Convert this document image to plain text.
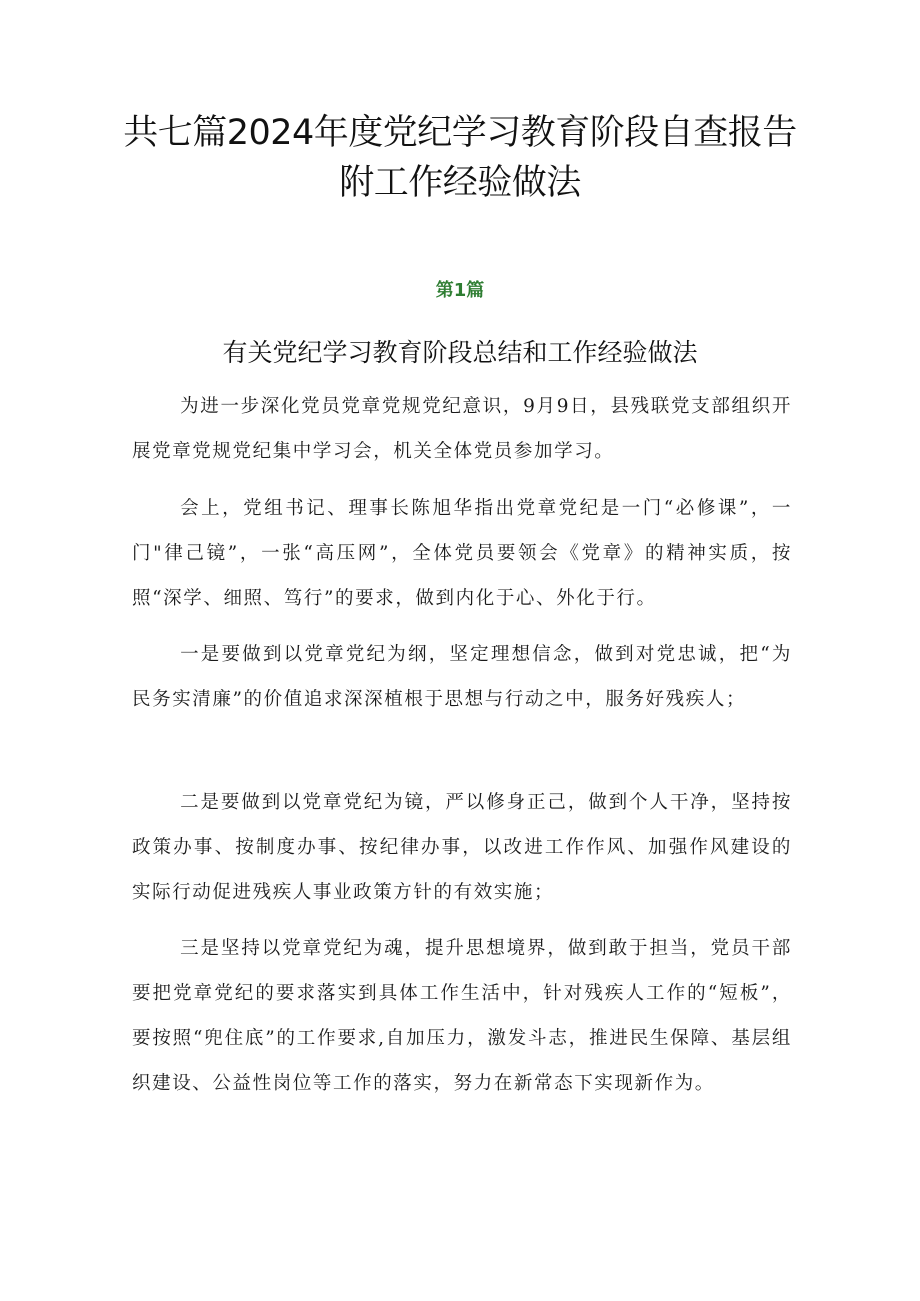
共七篇2024年度党纪学习教育阶段自查报告附工作经验做法
第1篇
有关党纪学习教育阶段总结和工作经验做法

为进一步深化党员党章党规党纪意识，9月9日，县残联党支部组织开展党章党规党纪集中学习会，机关全体党员参加学习。

会上，党组书记、理事长陈旭华指出党章党纪是一门“必修课”，一门"律己镜”，一张“高压网”，全体党员要领会《党章》的精神实质，按照“深学、细照、笃行”的要求，做到内化于心、外化于行。

一是要做到以党章党纪为纲，坚定理想信念，做到对党忠诚，把“为民务实清廉”的价值追求深深植根于思想与行动之中，服务好残疾人；

二是要做到以党章党纪为镜，严以修身正己，做到个人干净，坚持按政策办事、按制度办事、按纪律办事，以改进工作作风、加强作风建设的实际行动促进残疾人事业政策方针的有效实施；

三是坚持以党章党纪为魂，提升思想境界，做到敢于担当，党员干部要把党章党纪的要求落实到具体工作生活中，针对残疾人工作的“短板”，要按照“兜住底”的工作要求,自加压力，激发斗志，推进民生保障、基层组织建设、公益性岗位等工作的落实，努力在新常态下实现新作为。
